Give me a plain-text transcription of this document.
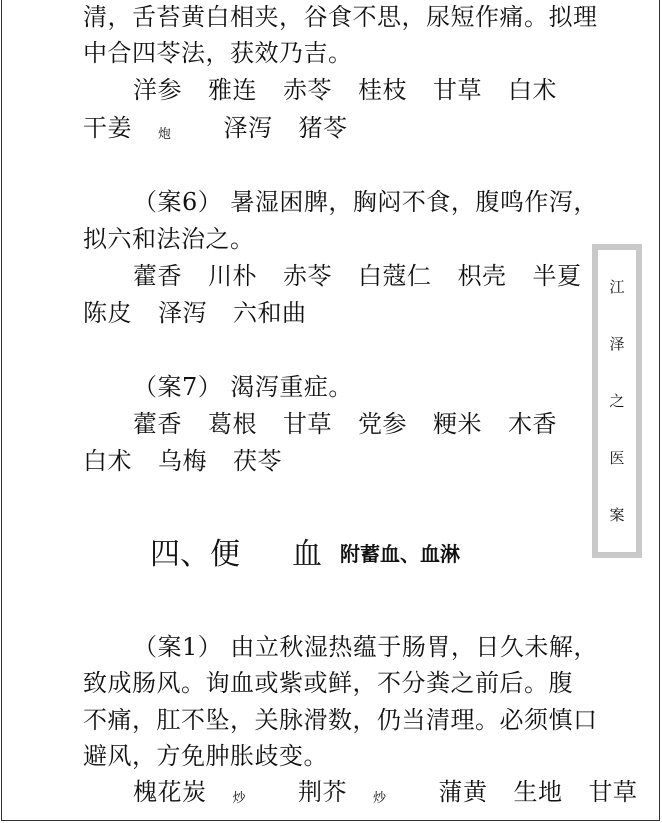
清，舌苔黄白相夹，谷食不思，尿短作痛。拟理
中合四苓法，获效乃吉。
洋参 雅连 赤苓 桂枝 甘草 白术
干姜 炮 泽泻 猪苓
（案6） 暑湿困脾，胸闷不食，腹鸣作泻，
拟六和法治之。
藿香 川朴 赤苓 白蔻仁 枳壳 半夏
陈皮 泽泻 六和曲
（案7） 渴泻重症。
藿香 葛根 甘草 党参 粳米 木香
白术 乌梅 茯苓
四、便 血 附蓄血、血淋
（案1） 由立秋湿热蕴于肠胃，日久未解，
致成肠风。询血或紫或鲜，不分粪之前后。腹
不痛，肛不坠，关脉滑数，仍当清理。必须慎口
避风，方免肿胀歧变。
槐花炭 炒 荆芥 炒 蒲黄 生地 甘草
江
泽
之
医
案
